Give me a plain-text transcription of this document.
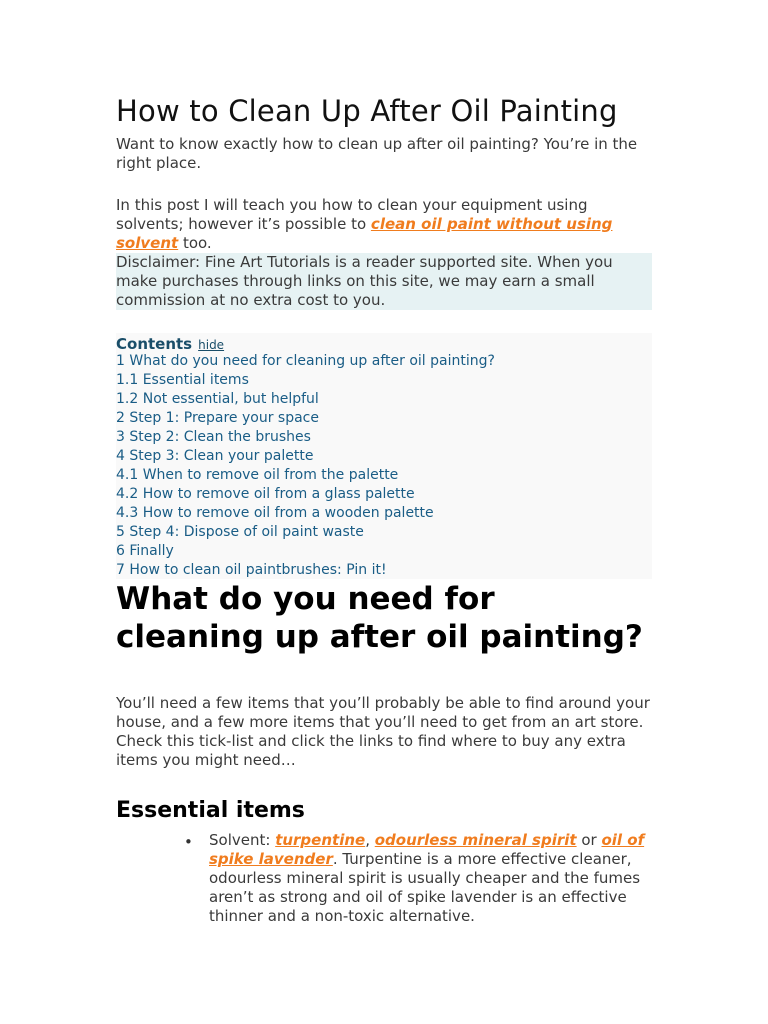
How to Clean Up After Oil Painting

Want to know exactly how to clean up after oil painting? You’re in the right place.

In this post I will teach you how to clean your equipment using solvents; however it’s possible to clean oil paint without using solvent too.

Disclaimer: Fine Art Tutorials is a reader supported site. When you make purchases through links on this site, we may earn a small commission at no extra cost to you.

Contents hide
1 What do you need for cleaning up after oil painting?
1.1 Essential items
1.2 Not essential, but helpful
2 Step 1: Prepare your space
3 Step 2: Clean the brushes
4 Step 3: Clean your palette
4.1 When to remove oil from the palette
4.2 How to remove oil from a glass palette
4.3 How to remove oil from a wooden palette
5 Step 4: Dispose of oil paint waste
6 Finally
7 How to clean oil paintbrushes: Pin it!
What do you need for cleaning up after oil painting?

You’ll need a few items that you’ll probably be able to find around your house, and a few more items that you’ll need to get from an art store. Check this tick-list and click the links to find where to buy any extra items you might need…

Essential items
• Solvent: turpentine, odourless mineral spirit or oil of spike lavender. Turpentine is a more effective cleaner, odourless mineral spirit is usually cheaper and the fumes aren’t as strong and oil of spike lavender is an effective thinner and a non-toxic alternative.
